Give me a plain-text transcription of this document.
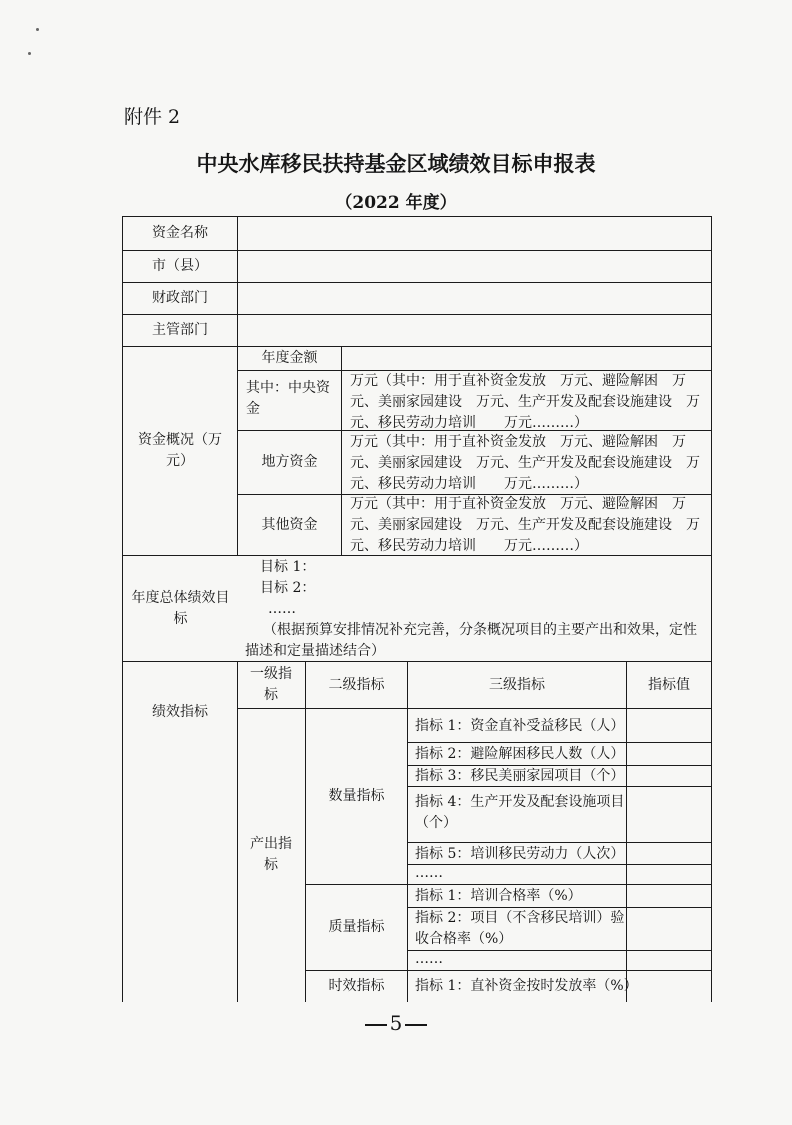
附件 2
中央水库移民扶持基金区域绩效目标申报表
（2022 年度）
资金名称
市（县）
财政部门
主管部门
资金概况（万元）
年度金额
其中：中央资金
万元（其中：用于直补资金发放　万元、避险解困　万元、美丽家园建设　万元、生产开发及配套设施建设　万元、移民劳动力培训　　万元………）
地方资金
万元（其中：用于直补资金发放　万元、避险解困　万元、美丽家园建设　万元、生产开发及配套设施建设　万元、移民劳动力培训　　万元………）
其他资金
万元（其中：用于直补资金发放　万元、避险解困　万元、美丽家园建设　万元、生产开发及配套设施建设　万元、移民劳动力培训　　万元………）
年度总体绩效目标
目标 1：
目标 2：
……
（根据预算安排情况补充完善，分条概况项目的主要产出和效果，定性描述和定量描述结合）
绩效指标
一级指标
二级指标	三级指标	指标值
产出指标
数量指标
质量指标
时效指标
指标 1：资金直补受益移民（人）
指标 2：避险解困移民人数（人）
指标 3：移民美丽家园项目（个）
指标 4：生产开发及配套设施项目（个）
指标 5：培训移民劳动力（人次）
……
指标 1：培训合格率（%）
指标 2：项目（不含移民培训）验收合格率（%）
……
指标 1：直补资金按时发放率（%）
5
